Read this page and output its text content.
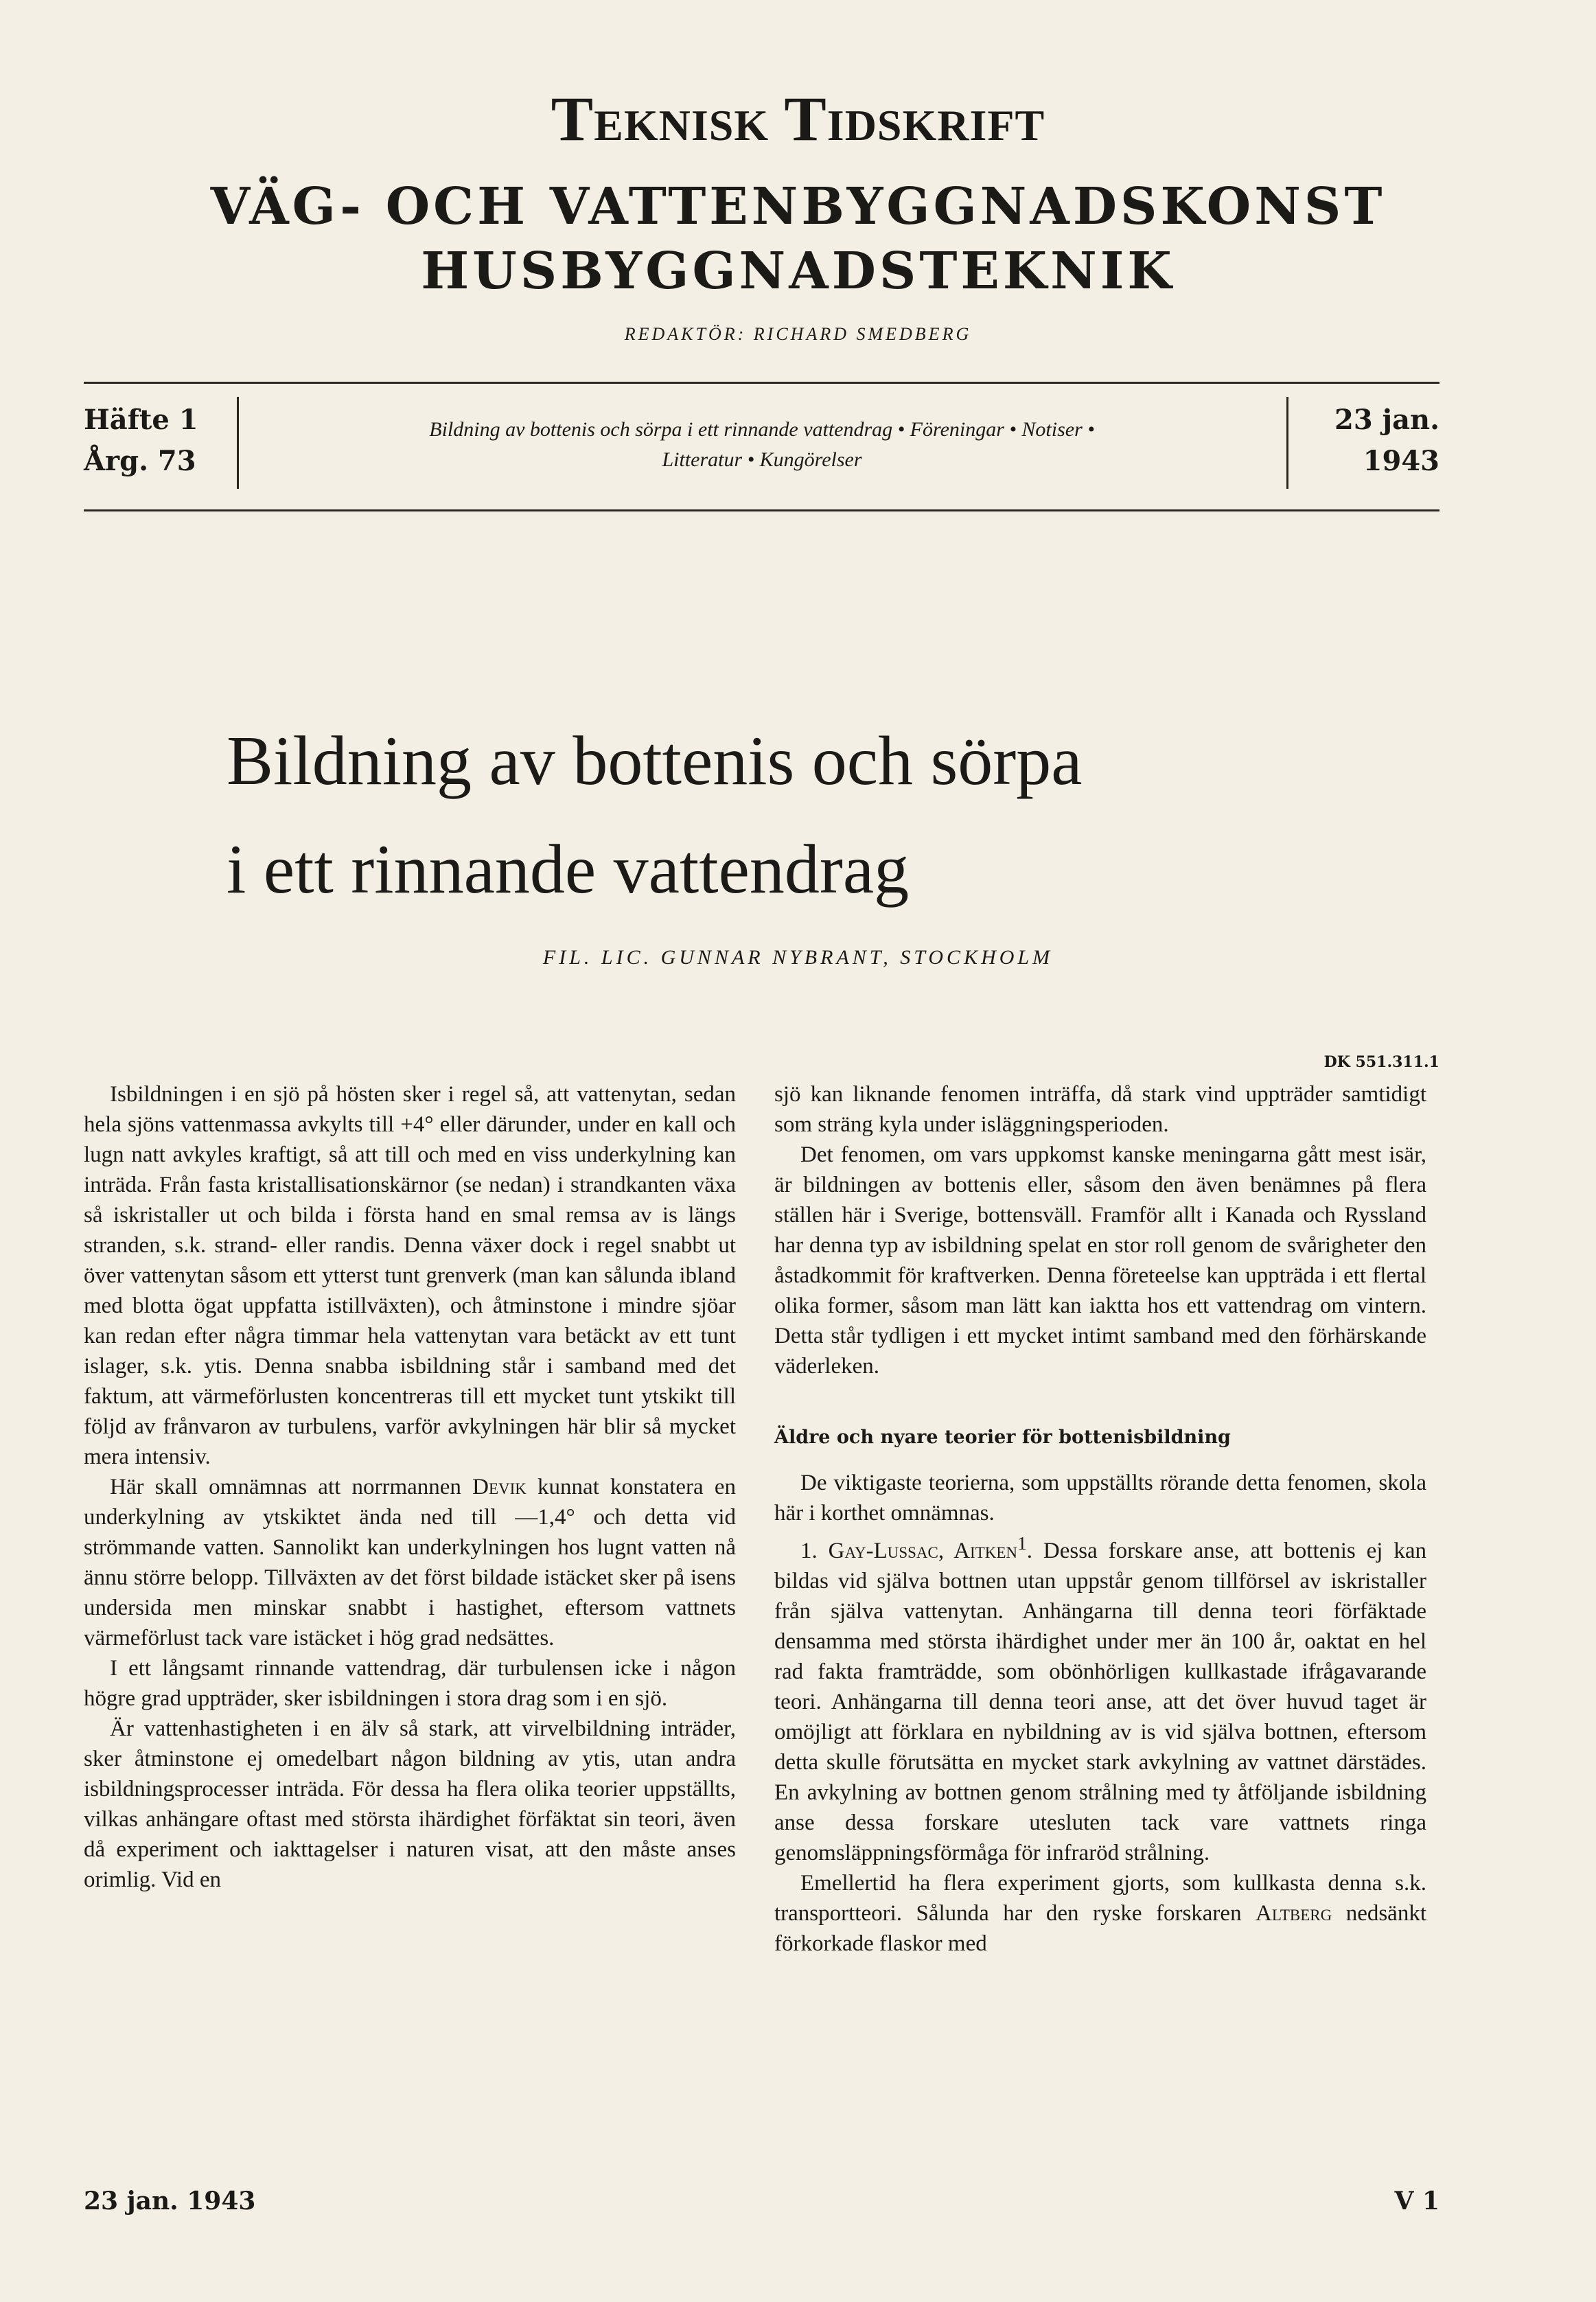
Teknisk Tidskrift
VÄG- OCH VATTENBYGGNADSKONST
HUSBYGGNADSTEKNIK
REDAKTÖR: RICHARD SMEDBERG
Häfte 1
Årg. 73
Bildning av bottenis och sörpa i ett rinnande vattendrag • Föreningar • Notiser •
Litteratur • Kungörelser
23 jan.
1943
Bildning av bottenis och sörpa
i ett rinnande vattendrag
FIL. LIC. GUNNAR NYBRANT, STOCKHOLM
DK 551.311.1

Isbildningen i en sjö på hösten sker i regel så, att vattenytan, sedan hela sjöns vattenmassa avkylts till +4° eller därunder, under en kall och lugn natt avkyles kraftigt, så att till och med en viss underkylning kan inträda. Från fasta kristallisationskärnor (se nedan) i strandkanten växa så iskristaller ut och bilda i första hand en smal remsa av is längs stranden, s.k. strand- eller randis. Denna växer dock i regel snabbt ut över vattenytan såsom ett ytterst tunt grenverk (man kan sålunda ibland med blotta ögat uppfatta istillväxten), och åtminstone i mindre sjöar kan redan efter några timmar hela vattenytan vara betäckt av ett tunt islager, s.k. ytis. Denna snabba isbildning står i samband med det faktum, att värmeförlusten koncentreras till ett mycket tunt ytskikt till följd av frånvaron av turbulens, varför avkylningen här blir så mycket mera intensiv.

Här skall omnämnas att norrmannen Devik kunnat konstatera en underkylning av ytskiktet ända ned till —1,4° och detta vid strömmande vatten. Sannolikt kan underkylningen hos lugnt vatten nå ännu större belopp. Tillväxten av det först bildade istäcket sker på isens undersida men minskar snabbt i hastighet, eftersom vattnets värmeförlust tack vare istäcket i hög grad nedsättes.

I ett långsamt rinnande vattendrag, där turbulensen icke i någon högre grad uppträder, sker isbildningen i stora drag som i en sjö.

Är vattenhastigheten i en älv så stark, att virvelbildning inträder, sker åtminstone ej omedelbart någon bildning av ytis, utan andra isbildningsprocesser inträda. För dessa ha flera olika teorier uppställts, vilkas anhängare oftast med största ihärdighet förfäktat sin teori, även då experiment och iakttagelser i naturen visat, att den måste anses orimlig. Vid en

sjö kan liknande fenomen inträffa, då stark vind uppträder samtidigt som sträng kyla under isläggningsperioden.

Det fenomen, om vars uppkomst kanske meningarna gått mest isär, är bildningen av bottenis eller, såsom den även benämnes på flera ställen här i Sverige, bottensväll. Framför allt i Kanada och Ryssland har denna typ av isbildning spelat en stor roll genom de svårigheter den åstadkommit för kraftverken. Denna företeelse kan uppträda i ett flertal olika former, såsom man lätt kan iaktta hos ett vattendrag om vintern. Detta står tydligen i ett mycket intimt samband med den förhärskande väderleken.

Äldre och nyare teorier för bottenisbildning

De viktigaste teorierna, som uppställts rörande detta fenomen, skola här i korthet omnämnas.

1. Gay-Lussac, Aitken$^1$. Dessa forskare anse, att bottenis ej kan bildas vid själva bottnen utan uppstår genom tillförsel av iskristaller från själva vattenytan. Anhängarna till denna teori förfäktade densamma med största ihärdighet under mer än 100 år, oaktat en hel rad fakta framträdde, som obönhörligen kullkastade ifrågavarande teori. Anhängarna till denna teori anse, att det över huvud taget är omöjligt att förklara en nybildning av is vid själva bottnen, eftersom detta skulle förutsätta en mycket stark avkylning av vattnet därstädes. En avkylning av bottnen genom strålning med ty åtföljande isbildning anse dessa forskare utesluten tack vare vattnets ringa genomsläppningsförmåga för infraröd strålning.

Emellertid ha flera experiment gjorts, som kullkasta denna s.k. transportteori. Sålunda har den ryske forskaren Altberg nedsänkt förkorkade flaskor med

23 jan. 1943	V 1
